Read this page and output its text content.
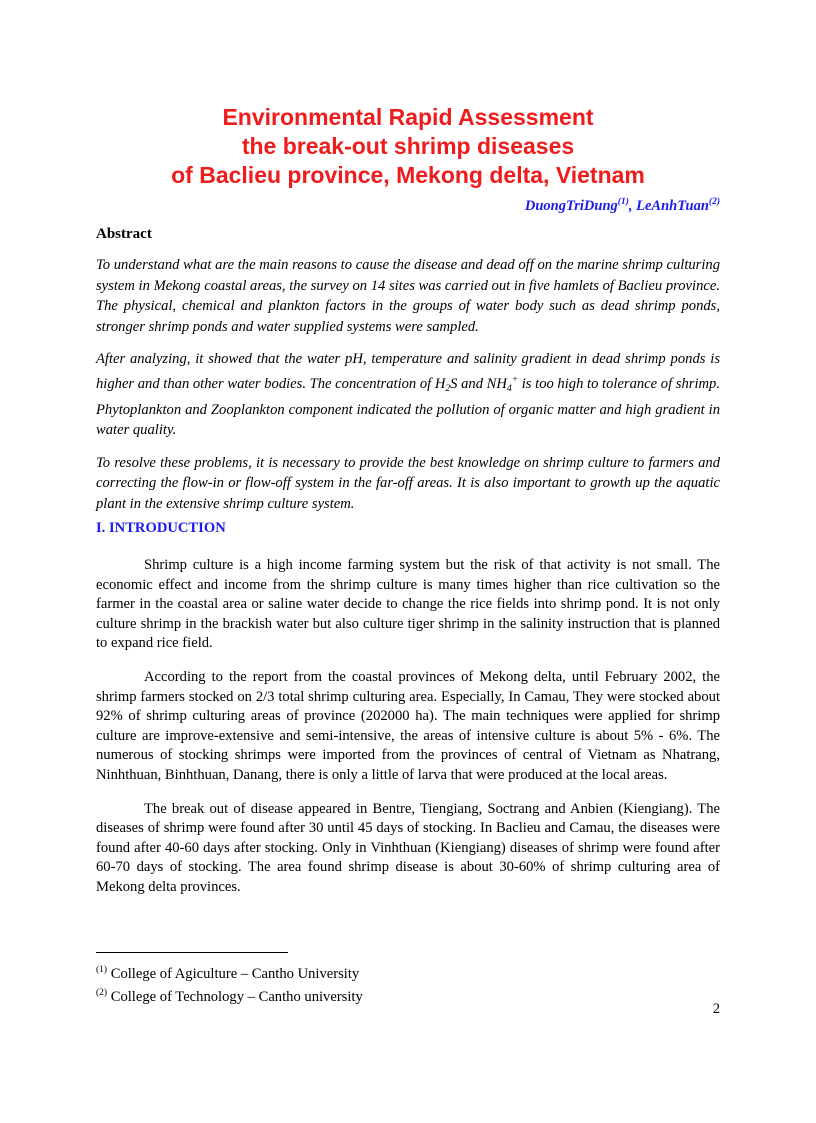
Environmental Rapid Assessment
the break-out shrimp diseases
of Baclieu province, Mekong delta, Vietnam
DuongTriDung$^{(1)}$, LeAnhTuan$^{(2)}$
Abstract

To understand what are the main reasons to cause the disease and dead off on the marine shrimp culturing system in Mekong coastal areas, the survey on 14 sites was carried out in five hamlets of Baclieu province. The physical, chemical and plankton factors in the groups of water body such as dead shrimp ponds, stronger shrimp ponds and water supplied systems were sampled.

After analyzing, it showed that the water pH, temperature and salinity gradient in dead shrimp ponds is higher and than other water bodies. The concentration of $H_2S$ and $NH_4^+$ is too high to tolerance of shrimp. Phytoplankton and Zooplankton component indicated the pollution of organic matter and high gradient in water quality.

To resolve these problems, it is necessary to provide the best knowledge on shrimp culture to farmers and correcting the flow-in or flow-off system in the far-off areas. It is also important to growth up the aquatic plant in the extensive shrimp culture system.

I. INTRODUCTION

Shrimp culture is a high income farming system but the risk of that activity is not small. The economic effect and income from the shrimp culture is many times higher than rice cultivation so the farmer in the coastal area or saline water decide to change the rice fields into shrimp pond. It is not only culture shrimp in the brackish water but also culture tiger shrimp in the salinity instruction that is planned to expand rice field.

According to the report from the coastal provinces of Mekong delta, until February 2002, the shrimp farmers stocked on 2/3 total shrimp culturing area. Especially, In Camau, They were stocked about 92% of shrimp culturing areas of province (202000 ha). The main techniques were applied for shrimp culture are improve-extensive and semi-intensive, the areas of intensive culture is about 5% - 6%. The numerous of stocking shrimps were imported from the provinces of central of Vietnam as Nhatrang, Ninhthuan, Binhthuan, Danang, there is only a little of larva that were produced at the local areas.

The break out of disease appeared in Bentre, Tiengiang, Soctrang and Anbien (Kiengiang). The diseases of shrimp were found after 30 until 45 days of stocking. In Baclieu and Camau, the diseases were found after 40-60 days after stocking. Only in Vinhthuan (Kiengiang) diseases of shrimp were found after 60-70 days of stocking. The area found shrimp disease is about 30-60% of shrimp culturing area of Mekong delta provinces.

$^{(1)}$ College of Agiculture – Cantho University
$^{(2)}$ College of Technology – Cantho university
2
